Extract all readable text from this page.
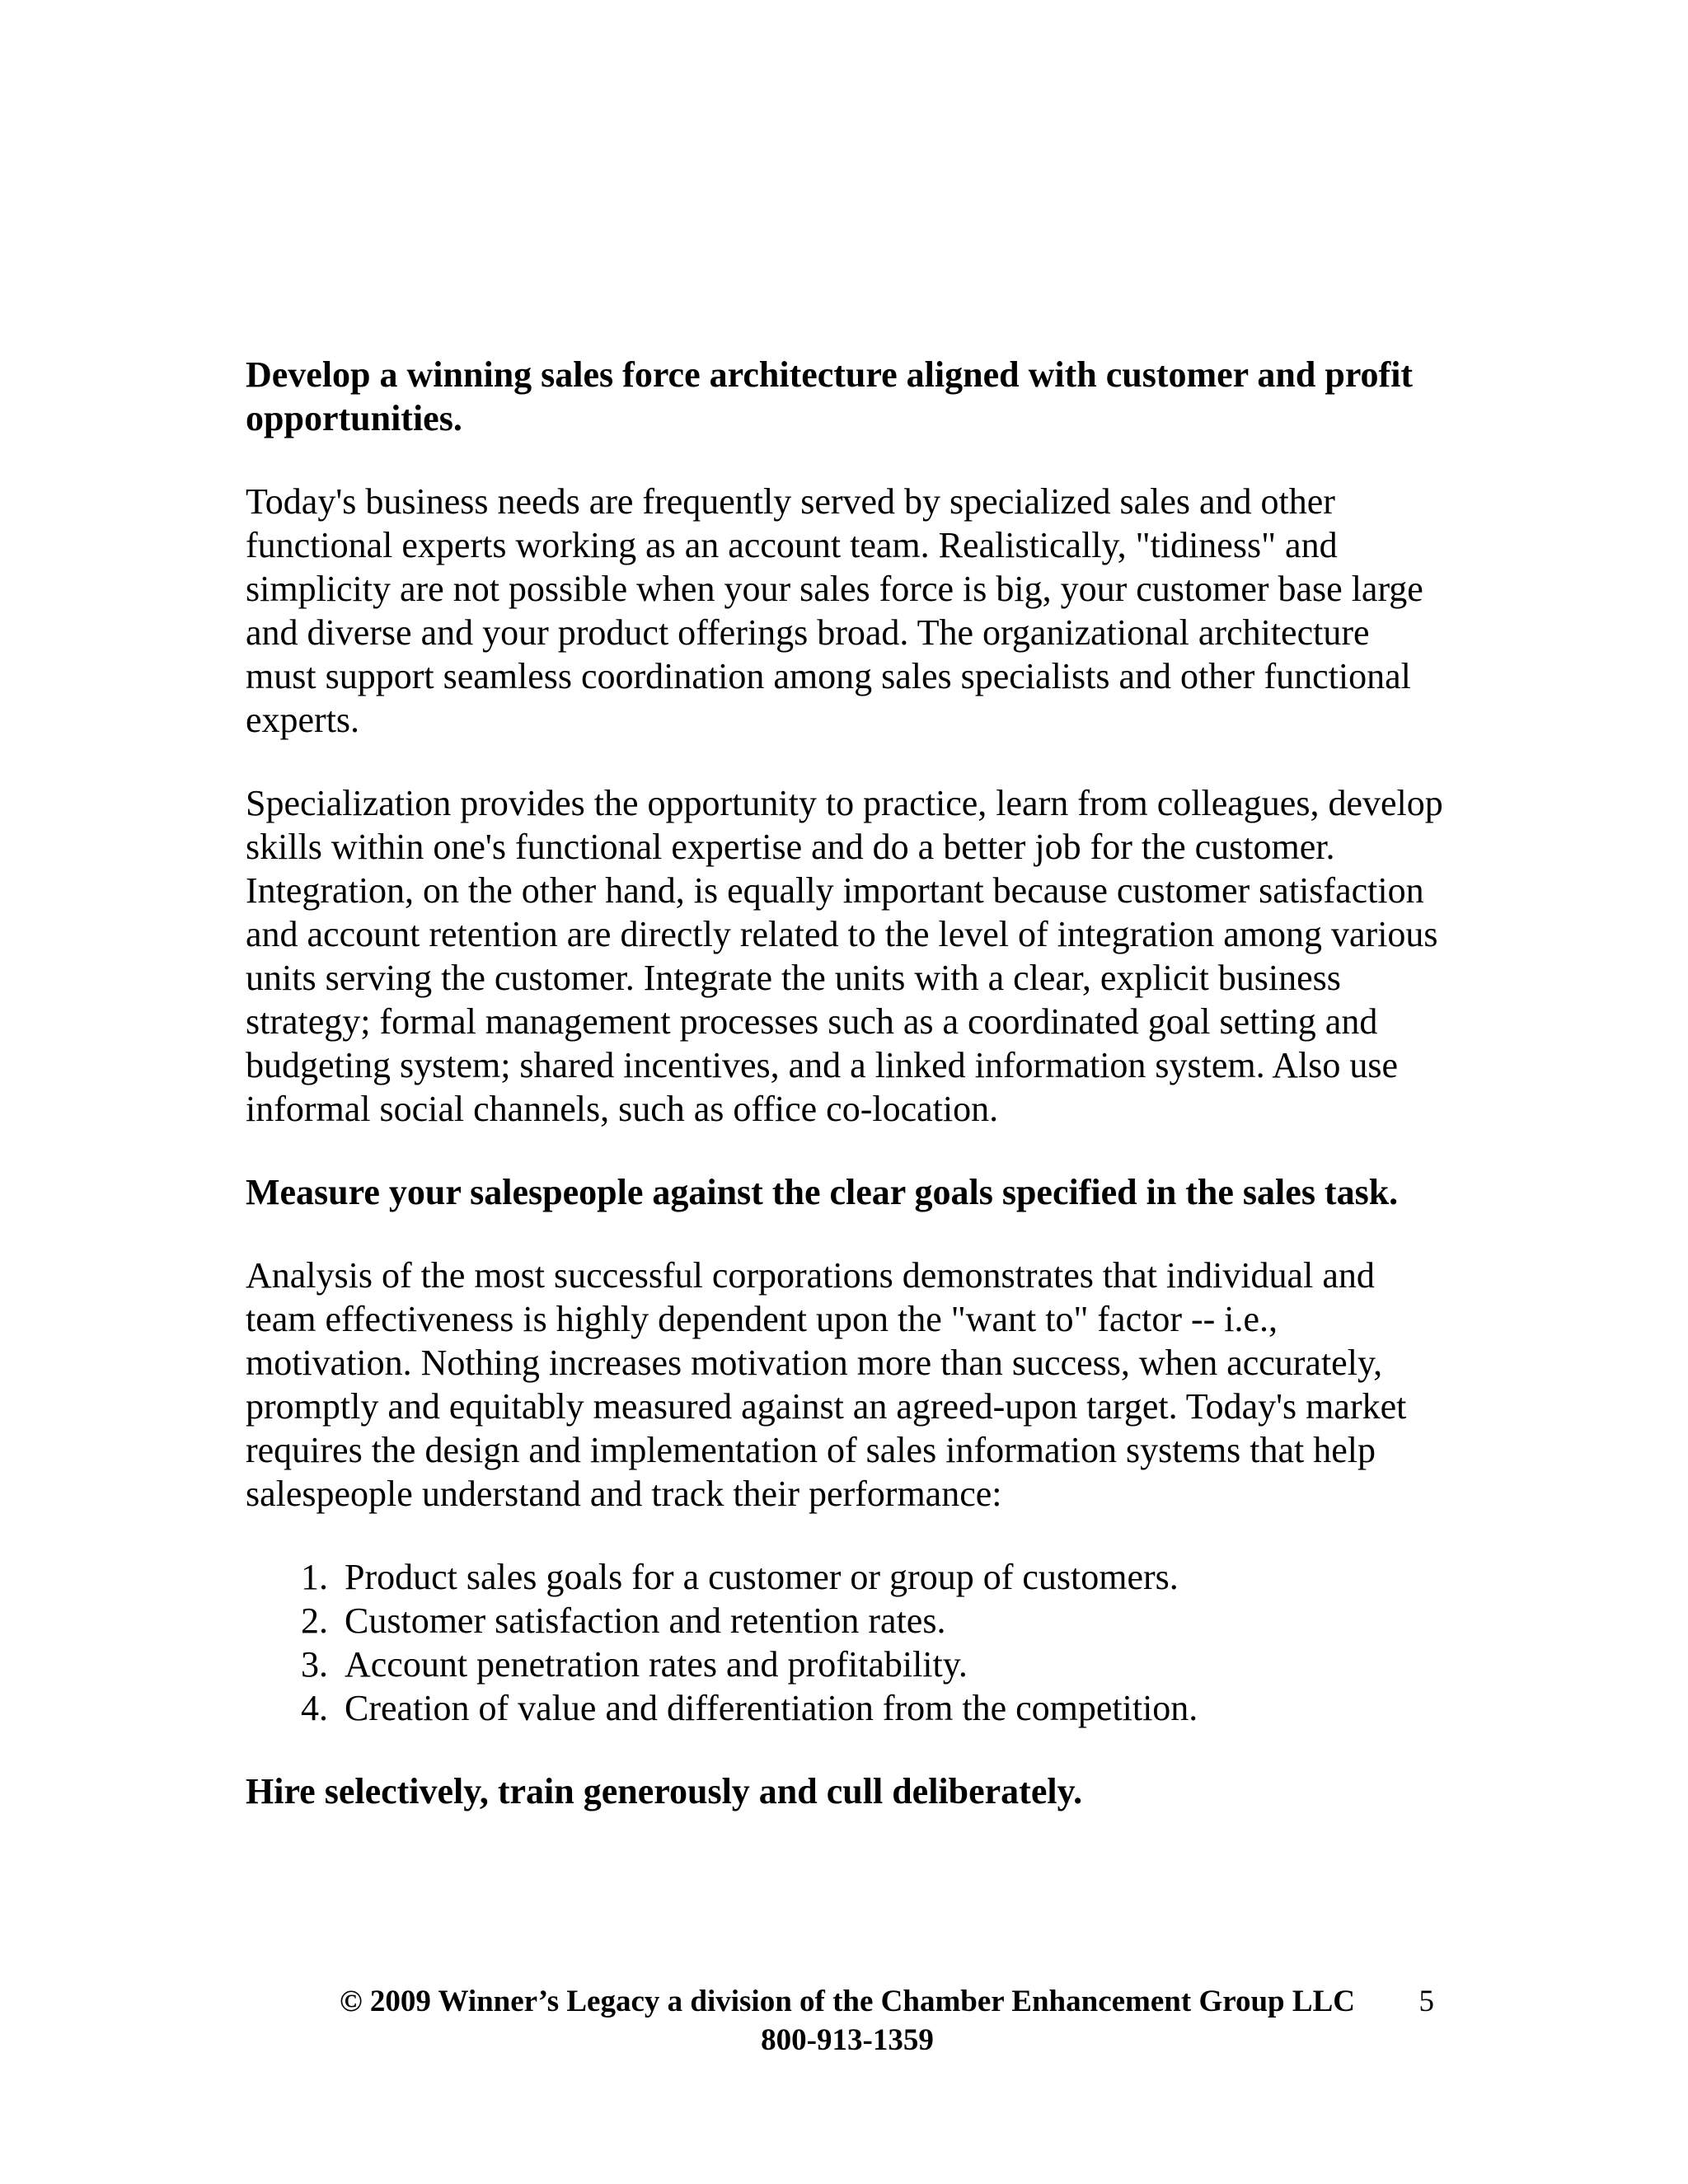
Develop a winning sales force architecture aligned with customer and profit opportunities.

Today's business needs are frequently served by specialized sales and other functional experts working as an account team. Realistically, "tidiness" and simplicity are not possible when your sales force is big, your customer base large and diverse and your product offerings broad. The organizational architecture must support seamless coordination among sales specialists and other functional experts.

Specialization provides the opportunity to practice, learn from colleagues, develop skills within one's functional expertise and do a better job for the customer. Integration, on the other hand, is equally important because customer satisfaction and account retention are directly related to the level of integration among various units serving the customer. Integrate the units with a clear, explicit business strategy; formal management processes such as a coordinated goal setting and budgeting system; shared incentives, and a linked information system. Also use informal social channels, such as office co-location.

Measure your salespeople against the clear goals specified in the sales task.

Analysis of the most successful corporations demonstrates that individual and team effectiveness is highly dependent upon the "want to" factor -- i.e., motivation. Nothing increases motivation more than success, when accurately, promptly and equitably measured against an agreed-upon target. Today's market requires the design and implementation of sales information systems that help salespeople understand and track their performance:

1. Product sales goals for a customer or group of customers.
2. Customer satisfaction and retention rates.
3. Account penetration rates and profitability.
4. Creation of value and differentiation from the competition.
Hire selectively, train generously and cull deliberately.
© 2009 Winner’s Legacy a division of the Chamber Enhancement Group LLC
800-913-1359
5
